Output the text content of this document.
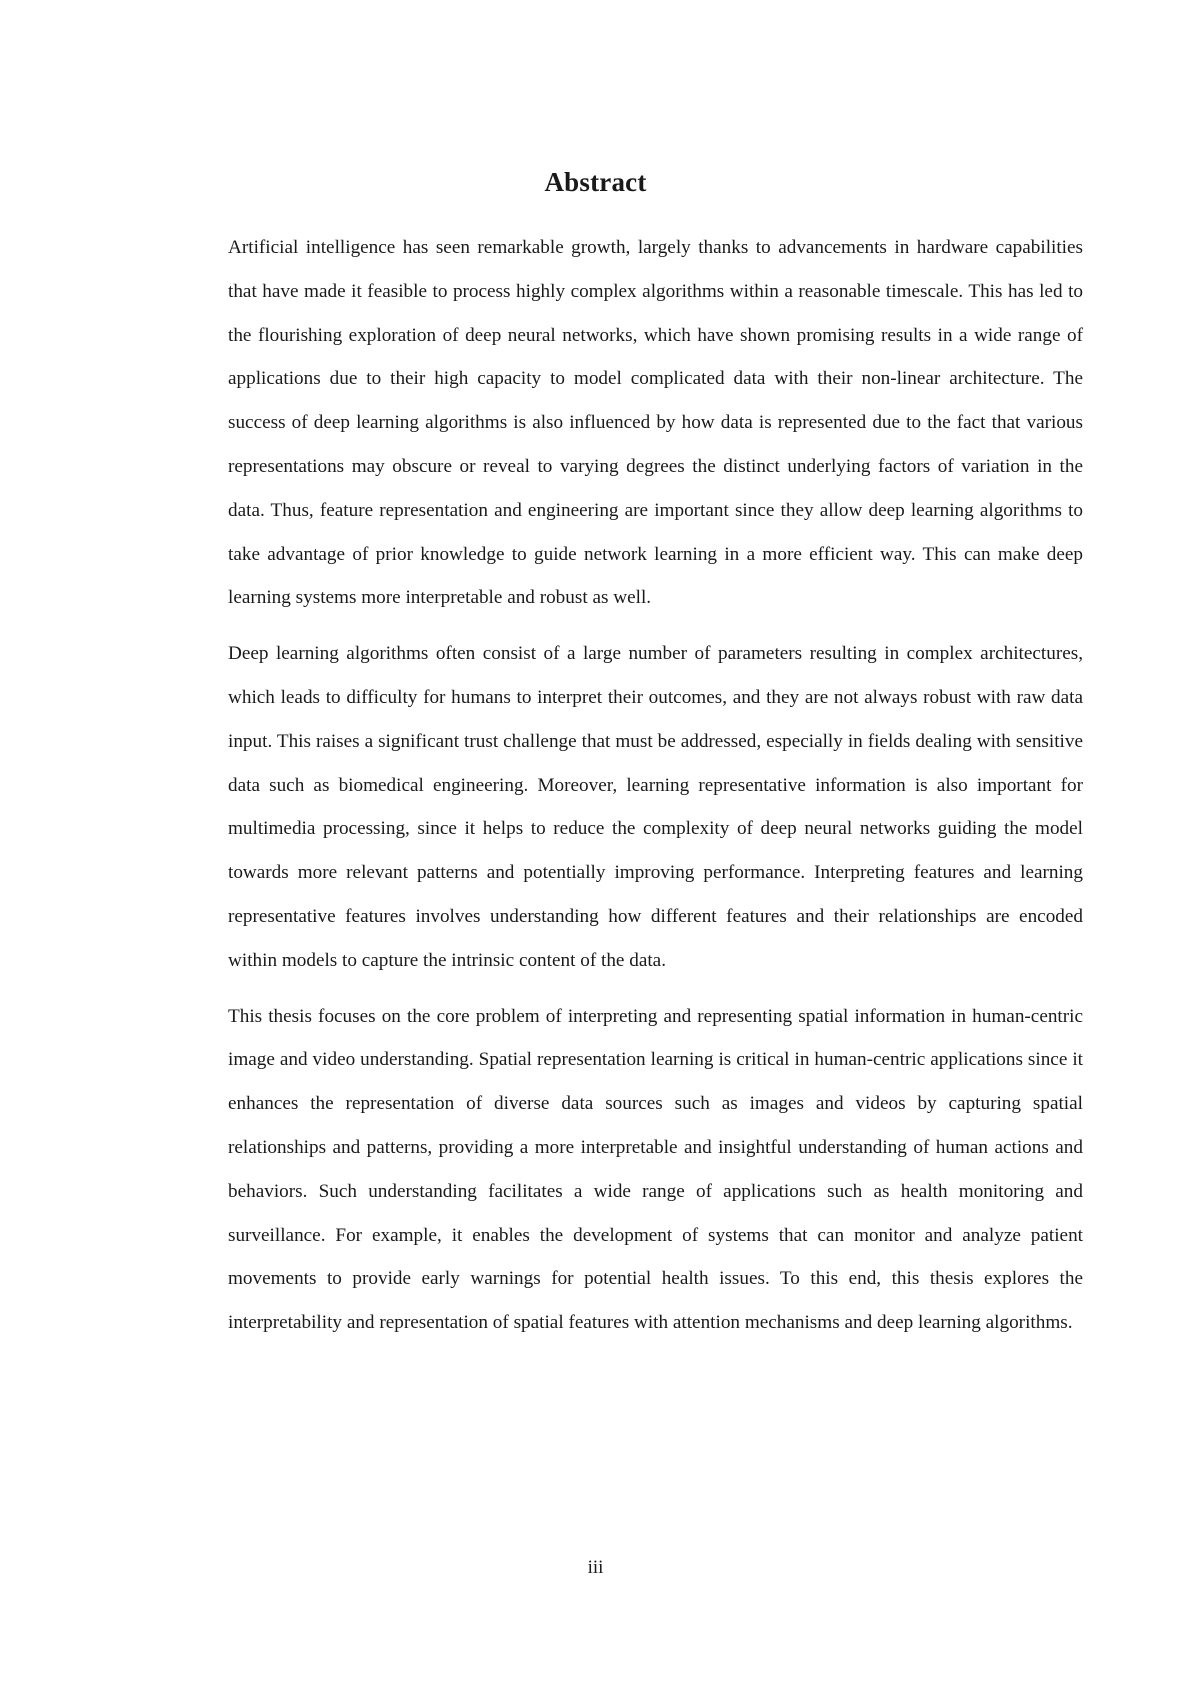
Abstract

Artificial intelligence has seen remarkable growth, largely thanks to advancements in hardware capabilities that have made it feasible to process highly complex algorithms within a reasonable timescale. This has led to the flourishing exploration of deep neural networks, which have shown promising results in a wide range of applications due to their high capacity to model complicated data with their non-linear architecture. The success of deep learning algorithms is also influenced by how data is represented due to the fact that various representations may obscure or reveal to varying degrees the distinct underlying factors of variation in the data. Thus, feature representation and engineering are important since they allow deep learning algorithms to take advantage of prior knowledge to guide network learning in a more efficient way. This can make deep learning systems more interpretable and robust as well.

Deep learning algorithms often consist of a large number of parameters resulting in complex architectures, which leads to difficulty for humans to interpret their outcomes, and they are not always robust with raw data input. This raises a significant trust challenge that must be addressed, especially in fields dealing with sensitive data such as biomedical engineering. Moreover, learning representative information is also important for multimedia processing, since it helps to reduce the complexity of deep neural networks guiding the model towards more relevant patterns and potentially improving performance. Interpreting features and learning representative features involves understanding how different features and their relationships are encoded within models to capture the intrinsic content of the data.

This thesis focuses on the core problem of interpreting and representing spatial information in human-centric image and video understanding. Spatial representation learning is critical in human-centric applications since it enhances the representation of diverse data sources such as images and videos by capturing spatial relationships and patterns, providing a more interpretable and insightful understanding of human actions and behaviors. Such understanding facilitates a wide range of applications such as health monitoring and surveillance. For example, it enables the development of systems that can monitor and analyze patient movements to provide early warnings for potential health issues. To this end, this thesis explores the interpretability and representation of spatial features with attention mechanisms and deep learning algorithms.

iii
